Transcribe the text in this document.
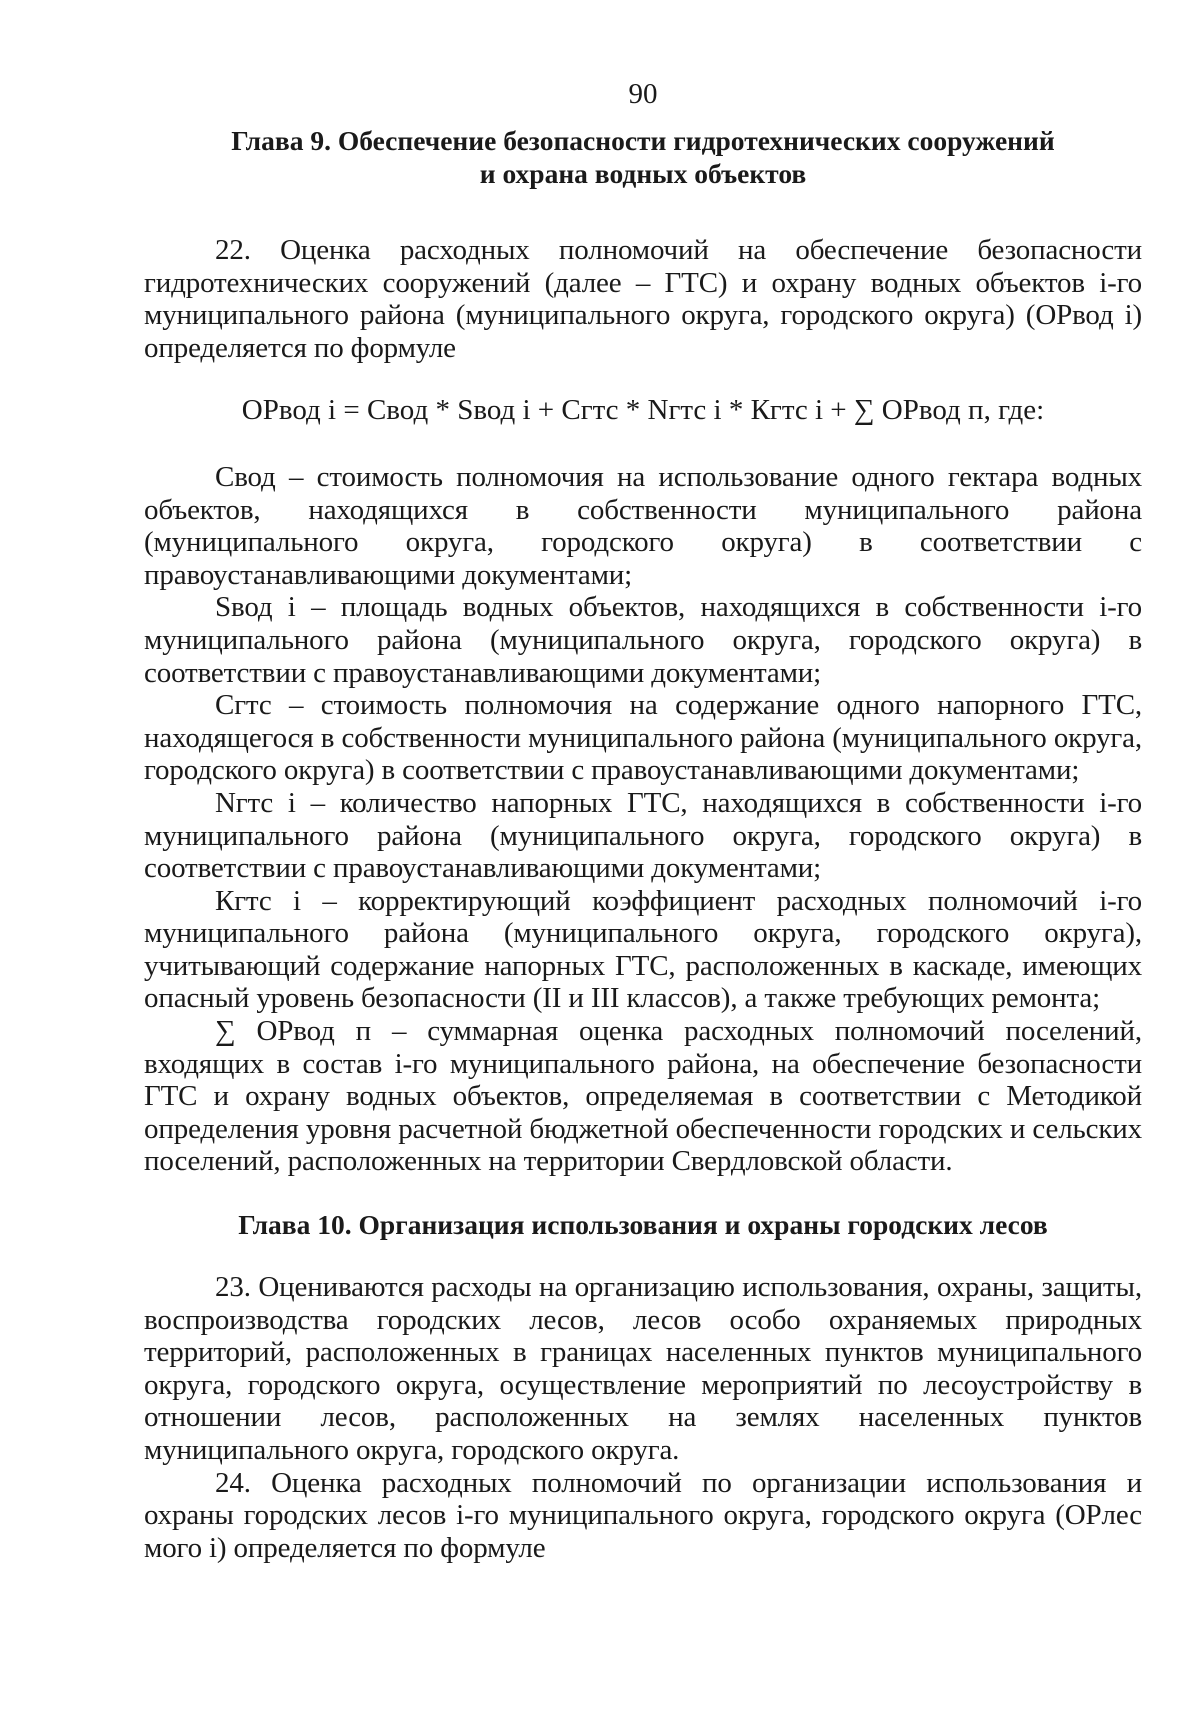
90
Глава 9. Обеспечение безопасности гидротехнических сооружений
и охрана водных объектов

22. Оценка расходных полномочий на обеспечение безопасности гидротехнических сооружений (далее – ГТС) и охрану водных объектов i-го муниципального района (муниципального округа, городского округа) (ОРвод i) определяется по формуле

ОРвод i = Свод * Sвод i + Сгтс * Nгтс i * Кгтс i + ∑ ОРвод п, где:

Свод – стоимость полномочия на использование одного гектара водных объектов, находящихся в собственности муниципального района (муниципального округа, городского округа) в соответствии с правоустанавливающими документами;

Sвод i – площадь водных объектов, находящихся в собственности i-го муниципального района (муниципального округа, городского округа) в соответствии с правоустанавливающими документами;

Сгтс – стоимость полномочия на содержание одного напорного ГТС, находящегося в собственности муниципального района (муниципального округа, городского округа) в соответствии с правоустанавливающими документами;

Nгтс i – количество напорных ГТС, находящихся в собственности i-го муниципального района (муниципального округа, городского округа) в соответствии с правоустанавливающими документами;

Кгтс i – корректирующий коэффициент расходных полномочий i-го муниципального района (муниципального округа, городского округа), учитывающий содержание напорных ГТС, расположенных в каскаде, имеющих опасный уровень безопасности (II и III классов), а также требующих ремонта;

∑ ОРвод п – суммарная оценка расходных полномочий поселений, входящих в состав i-го муниципального района, на обеспечение безопасности ГТС и охрану водных объектов, определяемая в соответствии с Методикой определения уровня расчетной бюджетной обеспеченности городских и сельских поселений, расположенных на территории Свердловской области.

Глава 10. Организация использования и охраны городских лесов

23. Оцениваются расходы на организацию использования, охраны, защиты, воспроизводства городских лесов, лесов особо охраняемых природных территорий, расположенных в границах населенных пунктов муниципального округа, городского округа, осуществление мероприятий по лесоустройству в отношении лесов, расположенных на землях населенных пунктов муниципального округа, городского округа.

24. Оценка расходных полномочий по организации использования и охраны городских лесов i-го муниципального округа, городского округа (ОРлес мого i) определяется по формуле
